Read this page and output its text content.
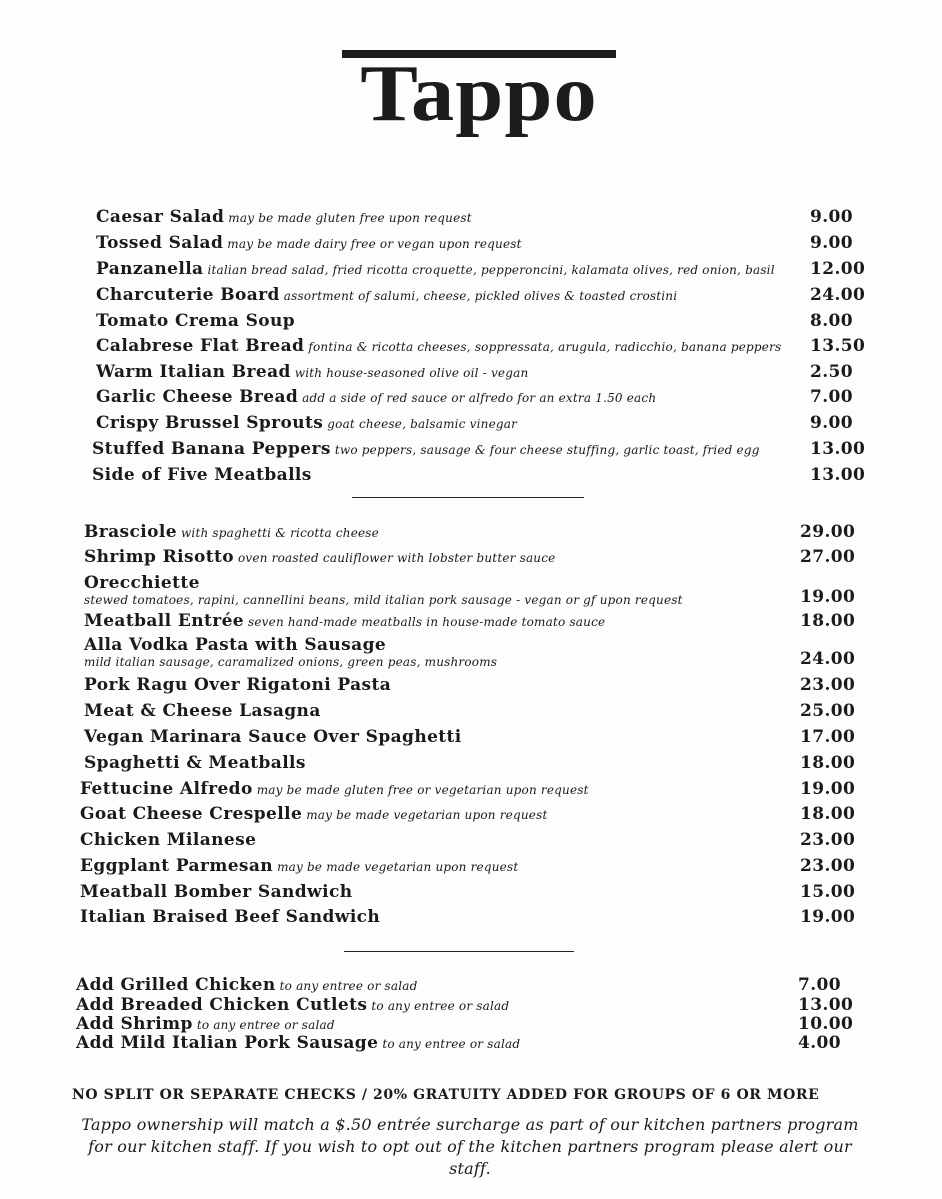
Tappo
Caesar Salad may be made gluten free upon request	9.00
Tossed Salad may be made dairy free or vegan upon request	9.00
Panzanella italian bread salad, fried ricotta croquette, pepperoncini, kalamata olives, red onion, basil 12.00
Charcuterie Board assortment of salumi, cheese, pickled olives & toasted crostini	24.00
Tomato Crema Soup	8.00
Calabrese Flat Bread fontina & ricotta cheeses, soppressata, arugula, radicchio, banana peppers 13.50
Warm Italian Bread with house-seasoned olive oil - vegan	2.50
Garlic Cheese Bread add a side of red sauce or alfredo for an extra 1.50 each	7.00
Crispy Brussel Sprouts goat cheese, balsamic vinegar	9.00
Stuffed Banana Peppers two peppers, sausage & four cheese stuffing, garlic toast, fried egg	13.00
Side of Five Meatballs	13.00
Brasciole with spaghetti & ricotta cheese	29.00
Shrimp Risotto oven roasted cauliflower with lobster butter sauce	27.00
Orecchiette
stewed tomatoes, rapini, cannellini beans, mild italian pork sausage - vegan or gf upon request	19.00
Meatball Entrée seven hand-made meatballs in house-made tomato sauce	18.00
Alla Vodka Pasta with Sausage
mild italian sausage, caramalized onions, green peas, mushrooms	24.00
Pork Ragu Over Rigatoni Pasta	23.00
Meat & Cheese Lasagna	25.00
Vegan Marinara Sauce Over Spaghetti	17.00
Spaghetti & Meatballs	18.00
Fettucine Alfredo may be made gluten free or vegetarian upon request	19.00
Goat Cheese Crespelle may be made vegetarian upon request	18.00
Chicken Milanese	23.00
Eggplant Parmesan may be made vegetarian upon request	23.00
Meatball Bomber Sandwich	15.00
Italian Braised Beef Sandwich	19.00
Add Grilled Chicken to any entree or salad	7.00
Add Breaded Chicken Cutlets to any entree or salad	13.00
Add Shrimp to any entree or salad	10.00
Add Mild Italian Pork Sausage to any entree or salad	4.00
NO SPLIT OR SEPARATE CHECKS / 20% GRATUITY ADDED FOR GROUPS OF 6 OR MORE
Tappo ownership will match a $.50 entrée surcharge as part of our kitchen partners program
for our kitchen staff. If you wish to opt out of the kitchen partners program please alert our staff.
